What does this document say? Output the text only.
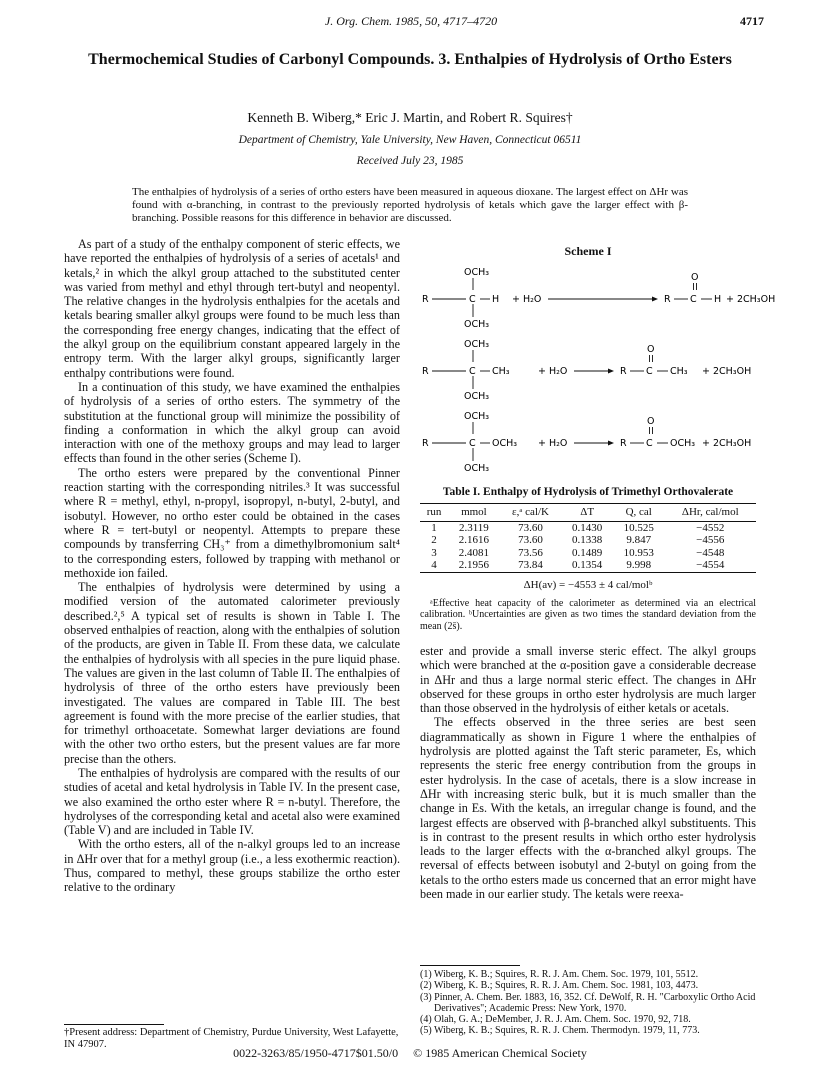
J. Org. Chem. 1985, 50, 4717–4720	4717
Thermochemical Studies of Carbonyl Compounds. 3. Enthalpies of Hydrolysis of Ortho Esters
Kenneth B. Wiberg,* Eric J. Martin, and Robert R. Squires†
Department of Chemistry, Yale University, New Haven, Connecticut 06511
Received July 23, 1985
The enthalpies of hydrolysis of a series of ortho esters have been measured in aqueous dioxane. The largest effect on ΔHr was found with α-branching, in contrast to the previously reported hydrolysis of ketals which gave the larger effect with β-branching. Possible reasons for this difference in behavior are discussed.

As part of a study of the enthalpy component of steric effects, we have reported the enthalpies of hydrolysis of a series of acetals¹ and ketals,² in which the alkyl group attached to the substituted center was varied from methyl and ethyl through tert-butyl and neopentyl. The relative changes in the hydrolysis enthalpies for the acetals and ketals bearing smaller alkyl groups were found to be much less than the corresponding free energy changes, indicating that the effect of the alkyl group on the equilibrium constant appeared largely in the entropy term. With the larger alkyl groups, significantly larger enthalpy contributions were found.

In a continuation of this study, we have examined the enthalpies of hydrolysis of a series of ortho esters. The symmetry of the substitution at the functional group will minimize the possibility of finding a conformation in which the alkyl group can avoid interaction with one of the methoxy groups and may lead to larger effects than found in the other series (Scheme I).

The ortho esters were prepared by the conventional Pinner reaction starting with the corresponding nitriles.³ It was successful where R = methyl, ethyl, n-propyl, isopropyl, n-butyl, 2-butyl, and isobutyl. However, no ortho ester could be obtained in the cases where R = tert-butyl or neopentyl. Attempts to prepare these compounds by transferring CH₃⁺ from a dimethylbromonium salt⁴ to the corresponding esters, followed by trapping with methanol or methoxide ion failed.

The enthalpies of hydrolysis were determined by using a modified version of the automated calorimeter previously described.²,⁵ A typical set of results is shown in Table I. The observed enthalpies of reaction, along with the enthalpies of solution of the products, are given in Table II. From these data, we calculate the enthalpies of hydrolysis with all species in the pure liquid phase. The values are given in the last column of Table II. The enthalpies of hydrolysis of three of the ortho esters have previously been investigated. The values are compared in Table III. The best agreement is found with the more precise of the earlier studies, that for trimethyl orthoacetate. Somewhat larger deviations are found with the other two ortho esters, but the present values are far more precise than the others.

The enthalpies of hydrolysis are compared with the results of our studies of acetal and ketal hydrolysis in Table IV. In the present case, we also examined the ortho ester where R = n-butyl. Therefore, the hydrolyses of the corresponding ketal and acetal also were examined (Table V) and are included in Table IV.

With the ortho esters, all of the n-alkyl groups led to an increase in ΔHr over that for a methyl group (i.e., a less exothermic reaction). Thus, compared to methyl, these groups stabilize the ortho ester relative to the ordinary

†Present address: Department of Chemistry, Purdue University, West Lafayette, IN 47907.
Scheme I
OCH₃
R	C H
OCH₃
+ H₂O	R C
O
H + 2CH₃OH
OCH₃
R	C CH₃
OCH₃
+ H₂O	R C
O
CH₃ + 2CH₃OH
OCH₃
R	C OCH₃
OCH₃
+ H₂O	R C
O
OCH₃ + 2CH₃OH
Table I. Enthalpy of Hydrolysis of Trimethyl Orthovalerate
run	mmol	ε,ᵃ cal/K	ΔT	Q, cal	ΔHr, cal/mol
1	2.3119	73.60	0.1430	10.525	−4552
2	2.1616	73.60	0.1338	9.847	−4556
3	2.4081	73.56	0.1489	10.953	−4548
4	2.1956	73.84	0.1354	9.998	−4554
ΔH(av) = −4553 ± 4 cal/molᵇ
ᵃEffective heat capacity of the calorimeter as determined via an electrical calibration. ᵇUncertainties are given as two times the standard deviation from the mean (2s̄).

ester and provide a small inverse steric effect. The alkyl groups which were branched at the α-position gave a considerable decrease in ΔHr and thus a large normal steric effect. The changes in ΔHr observed for these groups in ortho ester hydrolysis are much larger than those observed in the hydrolysis of either ketals or acetals.

The effects observed in the three series are best seen diagrammatically as shown in Figure 1 where the enthalpies of hydrolysis are plotted against the Taft steric parameter, Es, which represents the steric free energy contribution from the groups in ester hydrolysis. In the case of acetals, there is a slow increase in ΔHr with increasing steric bulk, but it is much smaller than the change in Es. With the ketals, an irregular change is found, and the largest effects are observed with β-branched alkyl substituents. This is in contrast to the present results in which ortho ester hydrolysis leads to the larger effects with the α-branched alkyl groups. The reversal of effects between isobutyl and 2-butyl on going from the ketals to the ortho esters made us concerned that an error might have been made in our earlier study. The ketals were reexa-

(1) Wiberg, K. B.; Squires, R. R. J. Am. Chem. Soc. 1979, 101, 5512.
(2) Wiberg, K. B.; Squires, R. R. J. Am. Chem. Soc. 1981, 103, 4473.
(3) Pinner, A. Chem. Ber. 1883, 16, 352. Cf. DeWolf, R. H. "Carboxylic Ortho Acid Derivatives"; Academic Press: New York, 1970.
(4) Olah, G. A.; DeMember, J. R. J. Am. Chem. Soc. 1970, 92, 718.
(5) Wiberg, K. B.; Squires, R. R. J. Chem. Thermodyn. 1979, 11, 773.
0022-3263/85/1950-4717$01.50/0 © 1985 American Chemical Society
